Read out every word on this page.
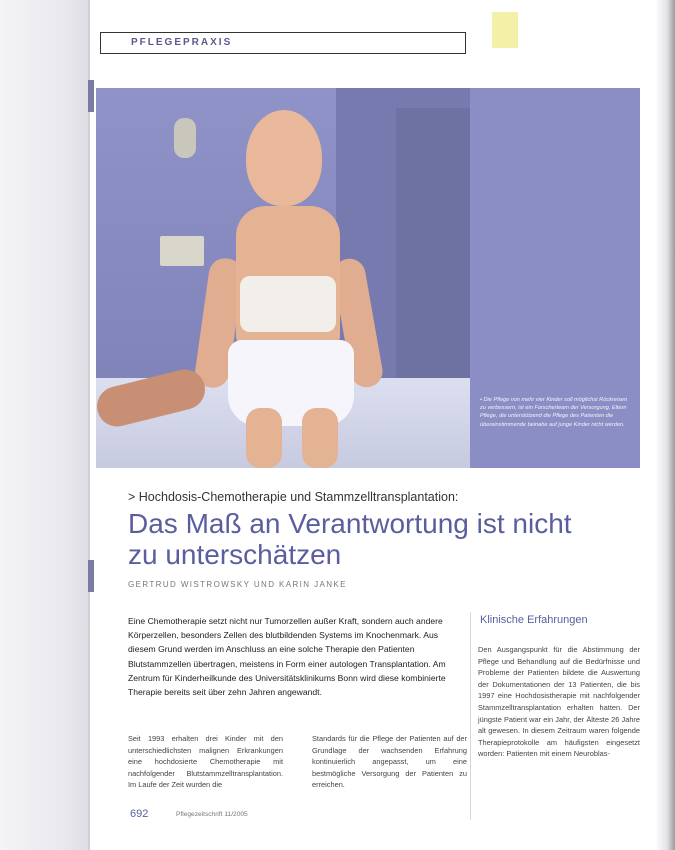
PFLEGEPRAXIS
• Die Pflege von mehr vier Kinder soll möglichst Rückreisen zu verbessern, ist ein Forscherteam der Versorgung, Eltern Pflege, die unterstützend die Pflege des Patienten die übereinstimmende beinahe auf junge Kinder nicht werden.
> Hochdosis-Chemotherapie und Stammzelltransplantation:
Das Maß an Verantwortung ist nicht zu unterschätzen
GERTRUD WISTROWSKY UND KARIN JANKE

Eine Chemotherapie setzt nicht nur Tumorzellen außer Kraft, sondern auch andere Körperzellen, besonders Zellen des blutbildenden Systems im Knochenmark. Aus diesem Grund werden im Anschluss an eine solche Therapie den Patienten Blutstammzellen übertragen, meistens in Form einer autologen Transplantation. Am Zentrum für Kinderheilkunde des Universitätsklinikums Bonn wird diese kombinierte Therapie bereits seit über zehn Jahren angewandt.

Seit 1993 erhalten drei Kinder mit den unterschiedlichsten malignen Erkrankungen eine hochdosierte Chemotherapie mit nachfolgender Blutstammzelltransplantation. Im Laufe der Zeit wurden die

Standards für die Pflege der Patienten auf der Grundlage der wachsenden Erfahrung kontinuierlich angepasst, um eine bestmögliche Versorgung der Patienten zu erreichen.

Klinische Erfahrungen

Den Ausgangspunkt für die Abstimmung der Pflege und Behandlung auf die Bedürfnisse und Probleme der Patienten bildete die Auswertung der Dokumentationen der 13 Patienten, die bis 1997 eine Hochdosistherapie mit nachfolgender Stammzelltransplantation erhalten hatten. Der jüngste Patient war ein Jahr, der Älteste 26 Jahre alt gewesen. In diesem Zeitraum waren folgende Therapieprotokolle am häufigsten eingesetzt worden: Patienten mit einem Neuroblas-

692	Pflegezeitschrift 11/2005
